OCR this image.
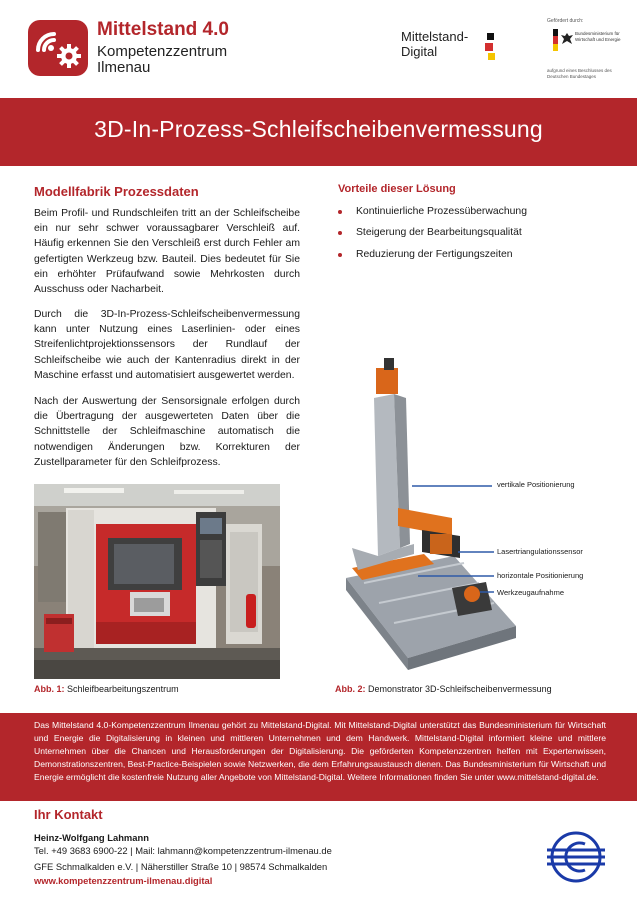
Mittelstand 4.0
Kompetenzzentrum
Ilmenau
Mittelstand-
Digital
Gefördert durch:
Bundesministerium für Wirtschaft und Energie
aufgrund eines Beschlusses des Deutschen Bundestages
3D-In-Prozess-Schleifscheibenvermessung
Modellfabrik Prozessdaten

Beim Profil- und Rundschleifen tritt an der Schleifscheibe ein nur sehr schwer voraussagbarer Verschleiß auf. Häufig erkennen Sie den Verschleiß erst durch Fehler am gefertigten Werkzeug bzw. Bauteil. Dies bedeutet für Sie ein erhöhter Prüfaufwand sowie Mehrkosten durch Ausschuss oder Nacharbeit.

Durch die 3D-In-Prozess-Schleifscheibenvermessung kann unter Nutzung eines Laserlinien- oder eines Streifenlichtprojektionssensors der Rundlauf der Schleifscheibe wie auch der Kantenradius direkt in der Maschine erfasst und automatisiert ausgewertet werden.

Nach der Auswertung der Sensorsignale erfolgen durch die Übertragung der ausgewerteten Daten über die Schnittstelle der Schleifmaschine automatisch die notwendigen Änderungen bzw. Korrekturen der Zustellparameter für den Schleifprozess.

Abb. 1: Schleifbearbeitungszentrum
Vorteile dieser Lösung
Kontinuierliche Prozessüberwachung
Steigerung der Bearbeitungsqualität
Reduzierung der Fertigungszeiten
vertikale Positionierung
Lasertriangulationssensor
horizontale Positionierung
Werkzeugaufnahme
Abb. 2: Demonstrator 3D-Schleifscheibenvermessung

Das Mittelstand 4.0-Kompetenzzentrum Ilmenau gehört zu Mittelstand-Digital. Mit Mittelstand-Digital unterstützt das Bundesministerium für Wirtschaft und Energie die Digitalisierung in kleinen und mittleren Unternehmen und dem Handwerk. Mittelstand-Digital informiert kleine und mittlere Unternehmen über die Chancen und Herausforderungen der Digitalisierung. Die geförderten Kompetenzzentren helfen mit Expertenwissen, Demonstrationszentren, Best-Practice-Beispielen sowie Netzwerken, die dem Erfahrungsaustausch dienen. Das Bundesministerium für Wirtschaft und Energie ermöglicht die kostenfreie Nutzung aller Angebote von Mittelstand-Digital. Weitere Informationen finden Sie unter www.mittelstand-digital.de.

Ihr Kontakt
Heinz-Wolfgang Lahmann
Tel. +49 3683 6900-22 | Mail: lahmann@kompetenzzentrum-ilmenau.de
GFE Schmalkalden e.V. | Näherstiller Straße 10 | 98574 Schmalkalden
www.kompetenzzentrum-ilmenau.digital
